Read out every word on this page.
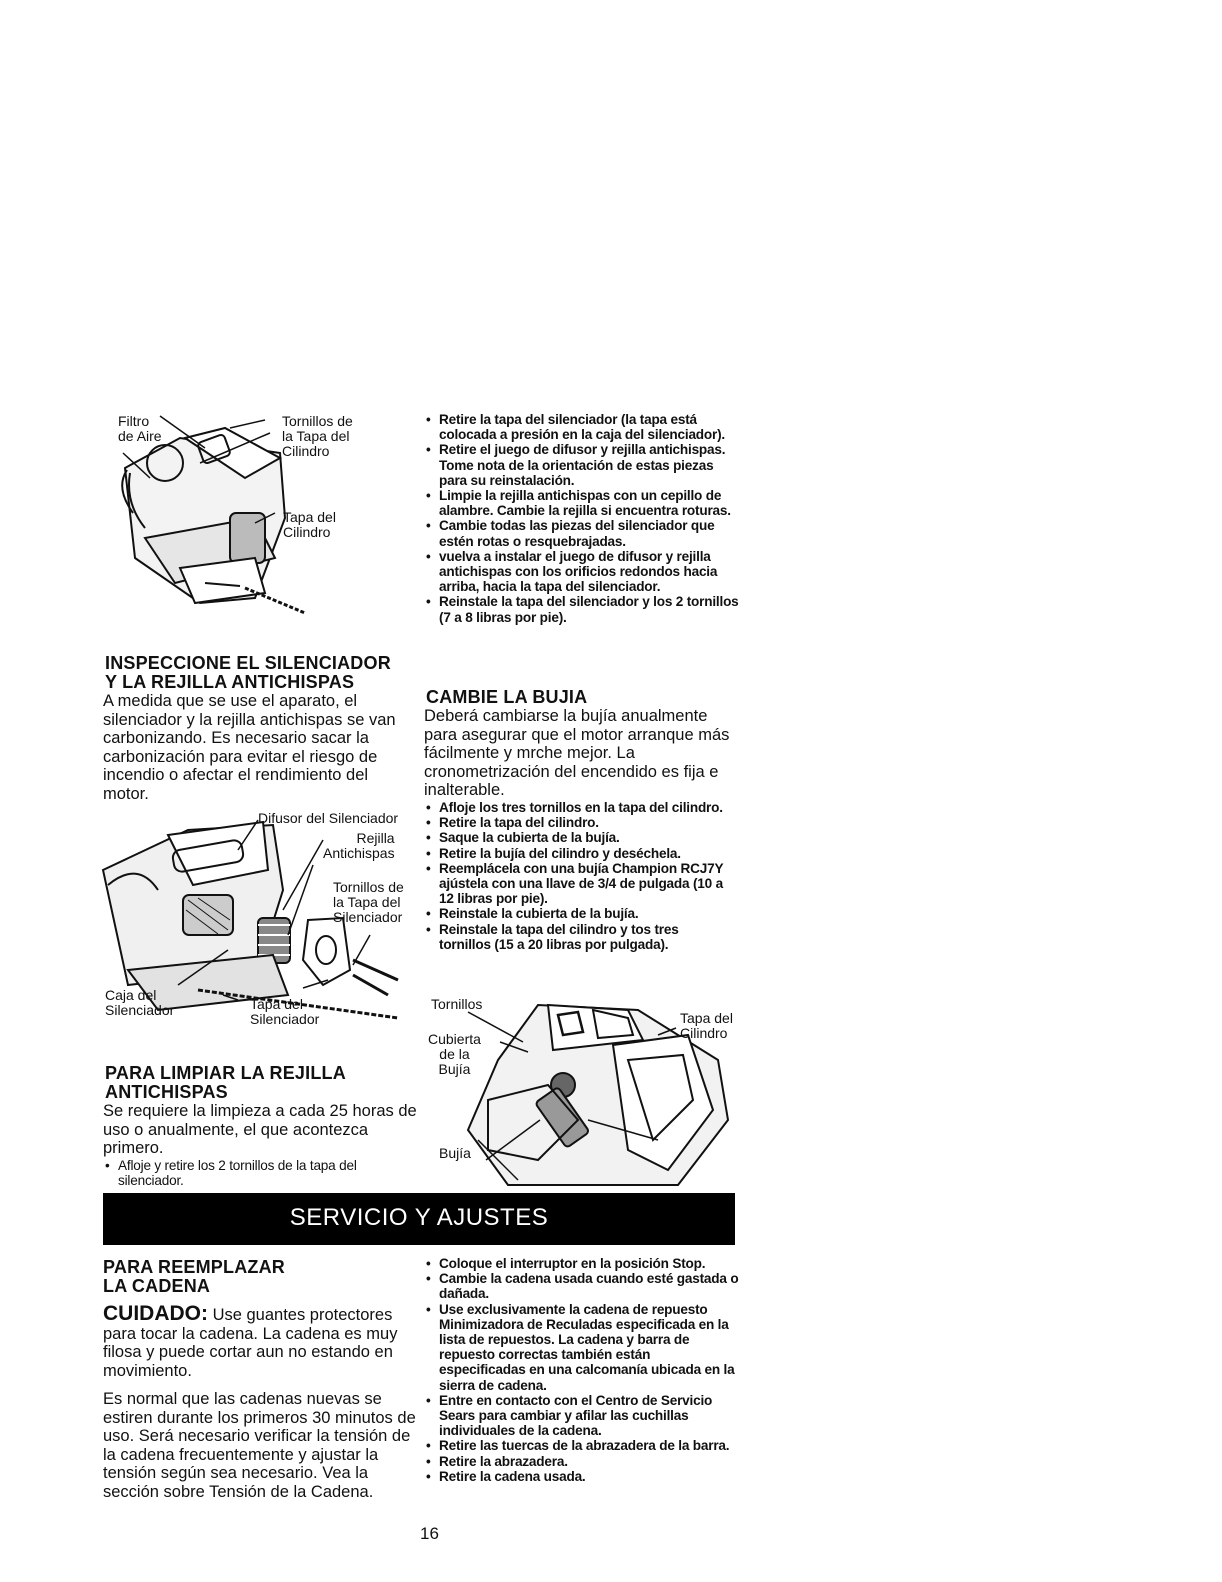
Filtro
de Aire
Tornillos de
la Tapa del
Cilindro
Tapa del
Cilindro
INSPECCIONE EL SILENCIADOR
Y LA REJILLA ANTICHISPAS
A medida que se use el aparato, el silenciador y la rejilla antichispas se van carbonizando. Es necesario sacar la carbonización para evitar el riesgo de incendio o afectar el rendimiento del motor.
Difusor del Silenciador
Rejilla
Antichispas
Tornillos de
la Tapa del
Silenciador
Caja del
Silenciador	Tapa del
Silenciador
PARA LIMPIAR LA REJILLA
ANTICHISPAS
Se requiere la limpieza a cada 25 horas de uso o anualmente, el que acontezca primero.
• Afloje y retire los 2 tornillos de la tapa del silenciador.
• Retire la tapa del silenciador (la tapa está colocada a presión en la caja del silenciador).
• Retire el juego de difusor y rejilla antichispas. Tome nota de la orientación de estas piezas para su reinstalación.
• Limpie la rejilla antichispas con un cepillo de alambre. Cambie la rejilla si encuentra roturas.
• Cambie todas las piezas del silenciador que estén rotas o resquebrajadas.
• vuelva a instalar el juego de difusor y rejilla antichispas con los orificios redondos hacia arriba, hacia la tapa del silenciador.
• Reinstale la tapa del silenciador y los 2 tornillos (7 a 8 libras por pie).
CAMBIE LA BUJIA
Deberá cambiarse la bujía anualmente para asegurar que el motor arranque más fácilmente y mrche mejor. La cronometrización del encendido es fija e inalterable.
• Afloje los tres tornillos en la tapa del cilindro.
• Retire la tapa del cilindro.
• Saque la cubierta de la bujía.
• Retire la bujía del cilindro y deséchela.
• Reemplácela con una bujía Champion RCJ7Y ajústela con una llave de 3/4 de pulgada (10 a 12 libras por pie).
• Reinstale la cubierta de la bujía.
• Reinstale la tapa del cilindro y tos tres tornillos (15 a 20 libras por pulgada).
Tornillos
Tapa del
Cilindro
Cubierta
de la
Bujía
Bujía
SERVICIO Y AJUSTES
PARA REEMPLAZAR
LA CADENA
CUIDADO: Use guantes protectores para tocar la cadena. La cadena es muy filosa y puede cortar aun no estando en movimiento.
Es normal que las cadenas nuevas se estiren durante los primeros 30 minutos de uso. Será necesario verificar la tensión de la cadena frecuentemente y ajustar la tensión según sea necesario. Vea la sección sobre Tensión de la Cadena.
• Coloque el interruptor en la posición Stop.
• Cambie la cadena usada cuando esté gastada o dañada.
• Use exclusivamente la cadena de repuesto Minimizadora de Reculadas especificada en la lista de repuestos. La cadena y barra de repuesto correctas también están especificadas en una calcomanía ubicada en la sierra de cadena.
• Entre en contacto con el Centro de Servicio Sears para cambiar y afilar las cuchillas individuales de la cadena.
• Retire las tuercas de la abrazadera de la barra.
• Retire la abrazadera.
• Retire la cadena usada.
16
